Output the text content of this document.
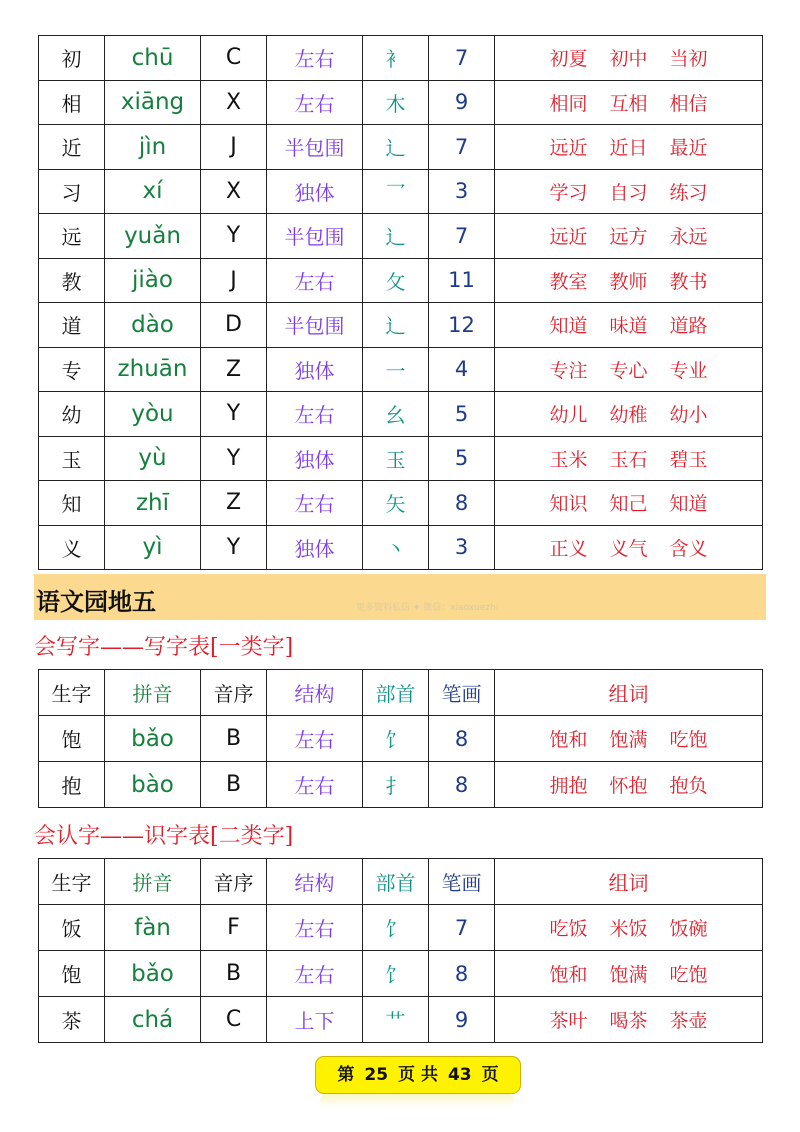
初	chū	C	左右	衤	7	初夏 初中 当初
相	xiāng	X	左右	木	9	相同 互相 相信
近	jìn	J	半包围	辶	7	远近 近日 最近
习	xí	X	独体	乛	3	学习 自习 练习
远	yuǎn	Y	半包围	辶	7	远近 远方 永远
教	jiào	J	左右	攵	11	教室 教师 教书
道	dào	D	半包围	辶	12	知道 味道 道路
专	zhuān	Z	独体	一	4	专注 专心 专业
幼	yòu	Y	左右	幺	5	幼儿 幼稚 幼小
玉	yù	Y	独体	玉	5	玉米 玉石 碧玉
知	zhī	Z	左右	矢	8	知识 知己 知道
义	yì	Y	独体	丶	3	正义 义气 含义
语文园地五	更多资料私信 ✦ 微信：xiaoxuezhi
会写字——写字表[一类字]
生字	拼音	音序	结构	部首	笔画	组词
饱	bǎo	B	左右	饣	8	饱和 饱满 吃饱
抱	bào	B	左右	扌	8	拥抱 怀抱 抱负
会认字——识字表[二类字]
生字	拼音	音序	结构	部首	笔画	组词
饭	fàn	F	左右	饣	7	吃饭 米饭 饭碗
饱	bǎo	B	左右	饣	8	饱和 饱满 吃饱
茶	chá	C	上下	艹	9	茶叶 喝茶 茶壶
第 25 页 共 43 页
